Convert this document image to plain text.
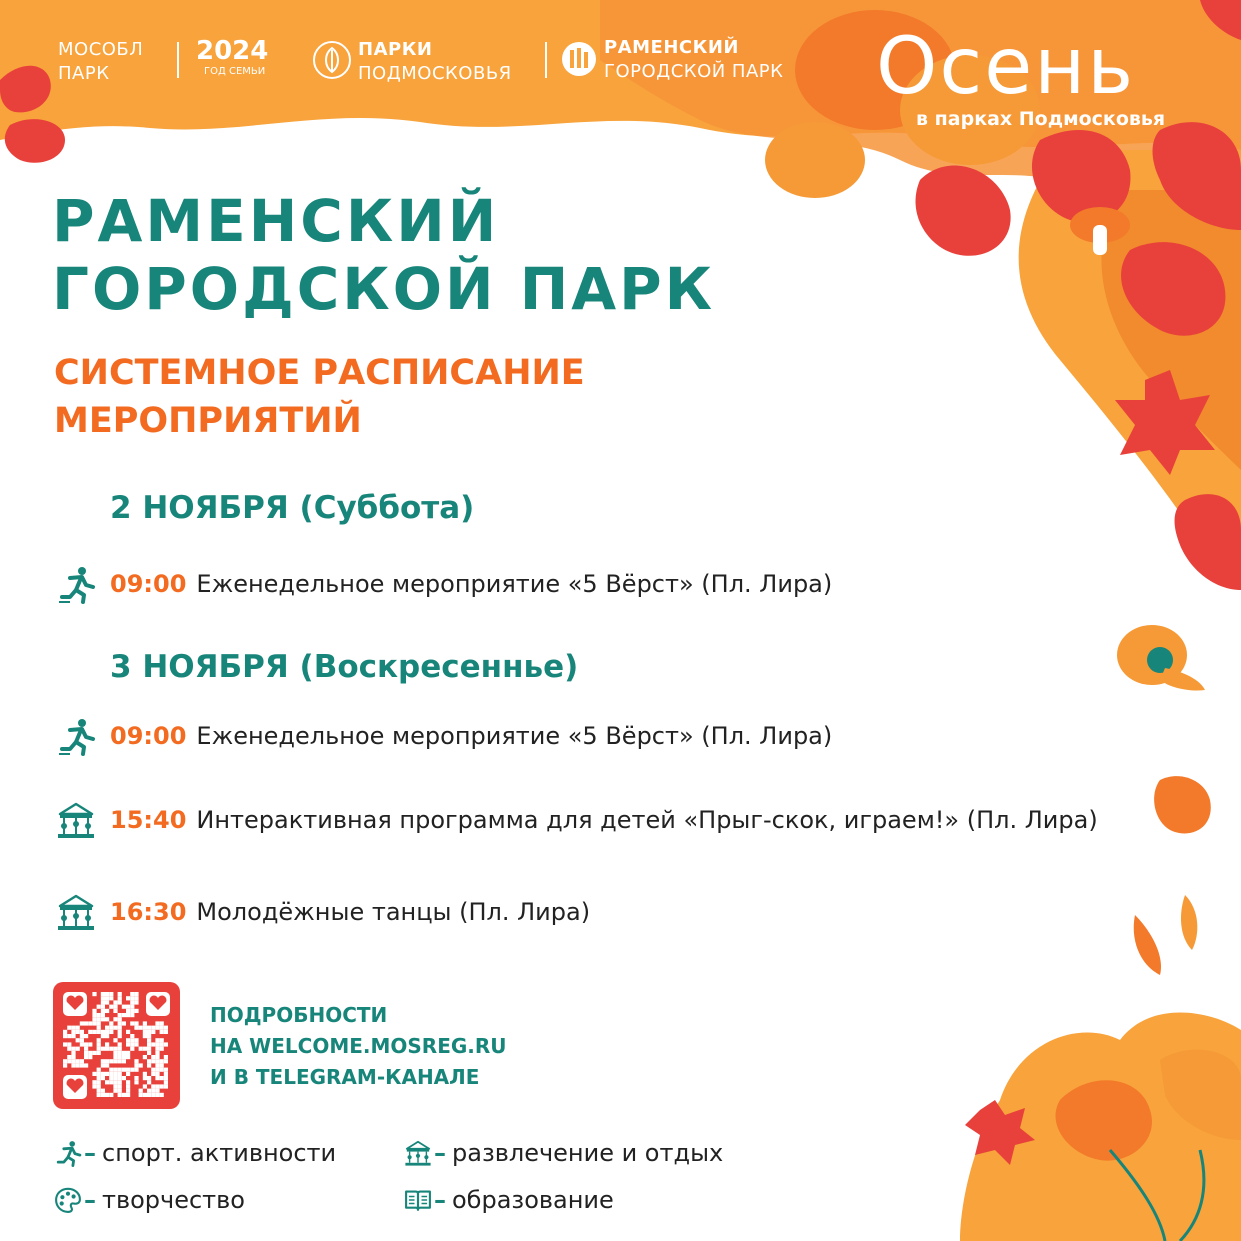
МОСОБЛ
ПАРК
2024
ГОД СЕМЬИ
ПАРКИ
ПОДМОСКОВЬЯ
РАМЕНСКИЙ
ГОРОДСКОЙ ПАРК Осень
в парках Подмосковья
РАМЕНСКИЙ
ГОРОДСКОЙ ПАРК
СИСТЕМНОЕ РАСПИСАНИЕ
МЕРОПРИЯТИЙ
2 НОЯБРЯ (Суббота)
09:00 Еженедельное мероприятие «5 Вёрст» (Пл. Лира)
3 НОЯБРЯ (Воскресенньe)
09:00 Еженедельное мероприятие «5 Вёрст» (Пл. Лира)
15:40 Интерактивная программа для детей «Прыг-скок, играем!» (Пл. Лира)
16:30 Молодёжные танцы (Пл. Лира)
ПОДРОБНОСТИ
НА WELCOME.MOSREG.RU
И В TELEGRAM-КАНАЛЕ
– спорт. активности	– развлечение и отдых
– творчество	– образование
